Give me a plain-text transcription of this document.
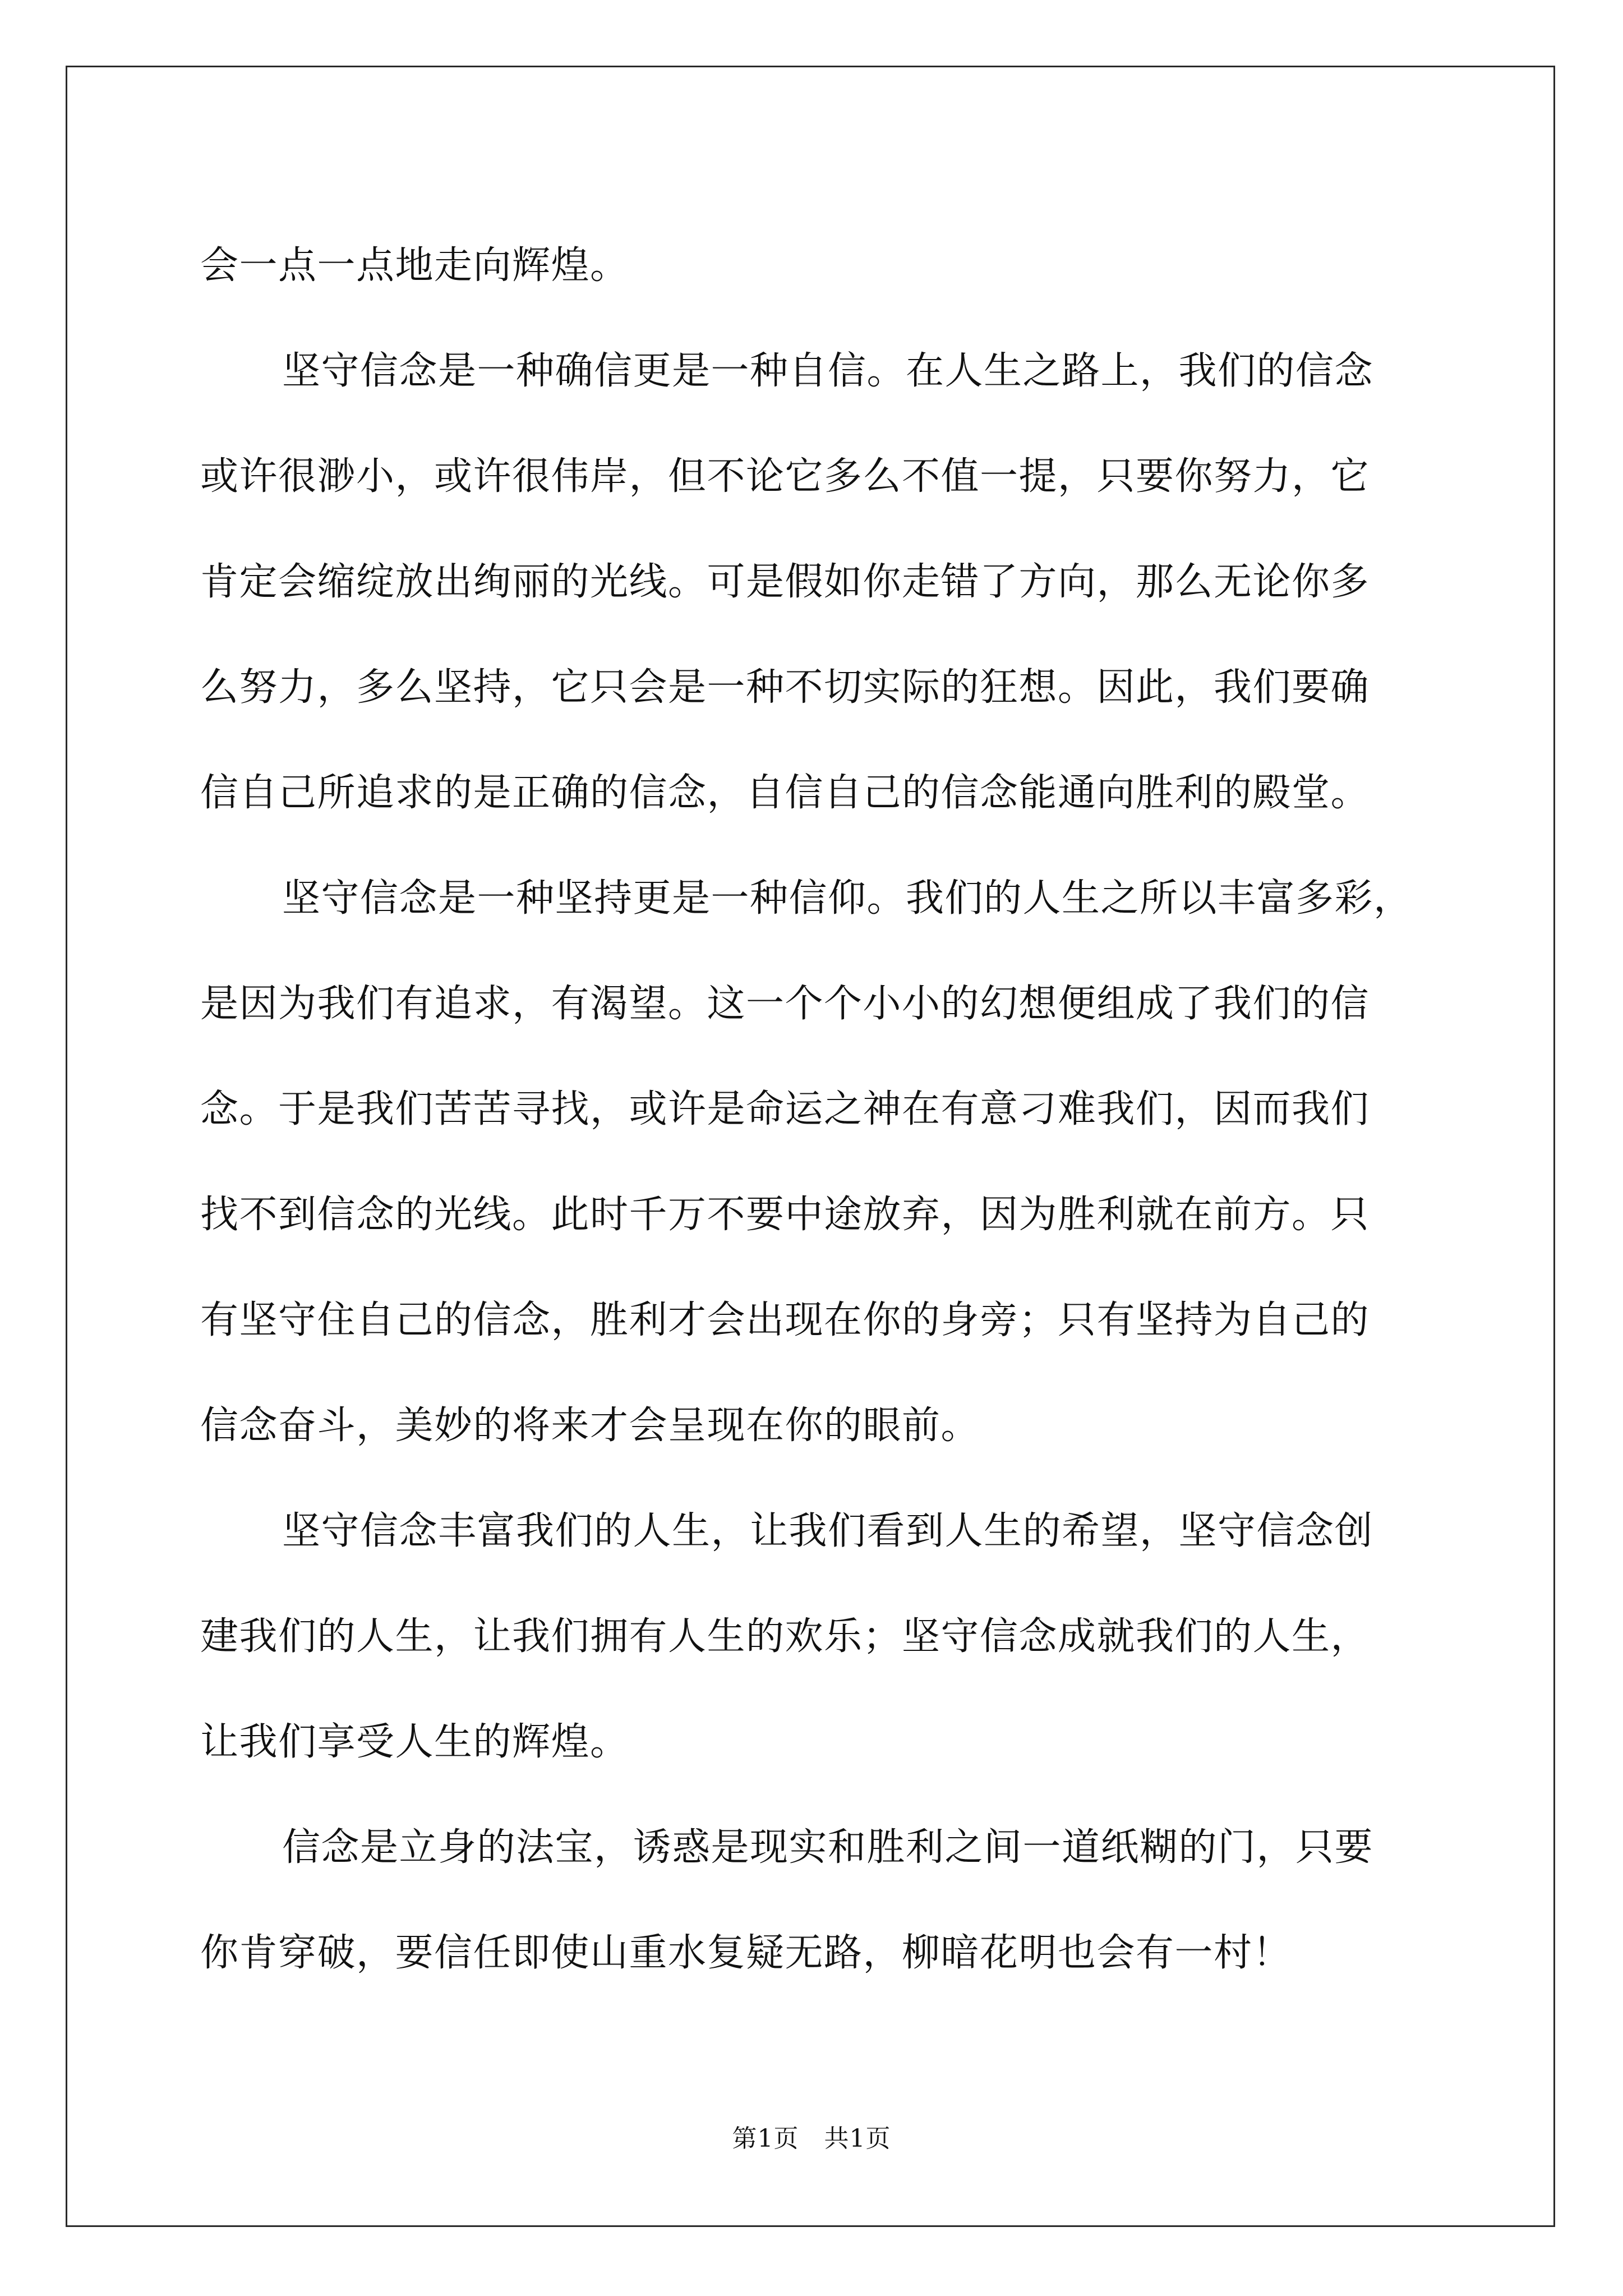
会一点一点地走向辉煌。
坚守信念是一种确信更是一种自信。在人生之路上，我们的信念
或许很渺小，或许很伟岸，但不论它多么不值一提，只要你努力，它
肯定会缩绽放出绚丽的光线。可是假如你走错了方向，那么无论你多
么努力，多么坚持，它只会是一种不切实际的狂想。因此，我们要确
信自己所追求的是正确的信念，自信自己的信念能通向胜利的殿堂。
坚守信念是一种坚持更是一种信仰。我们的人生之所以丰富多彩，
是因为我们有追求，有渴望。这一个个小小的幻想便组成了我们的信
念。于是我们苦苦寻找，或许是命运之神在有意刁难我们，因而我们
找不到信念的光线。此时千万不要中途放弃，因为胜利就在前方。只
有坚守住自己的信念，胜利才会出现在你的身旁；只有坚持为自己的
信念奋斗，美妙的将来才会呈现在你的眼前。
坚守信念丰富我们的人生，让我们看到人生的希望，坚守信念创
建我们的人生，让我们拥有人生的欢乐；坚守信念成就我们的人生，
让我们享受人生的辉煌。
信念是立身的法宝，诱惑是现实和胜利之间一道纸糊的门，只要
你肯穿破，要信任即使山重水复疑无路，柳暗花明也会有一村！
第1页   共1页
